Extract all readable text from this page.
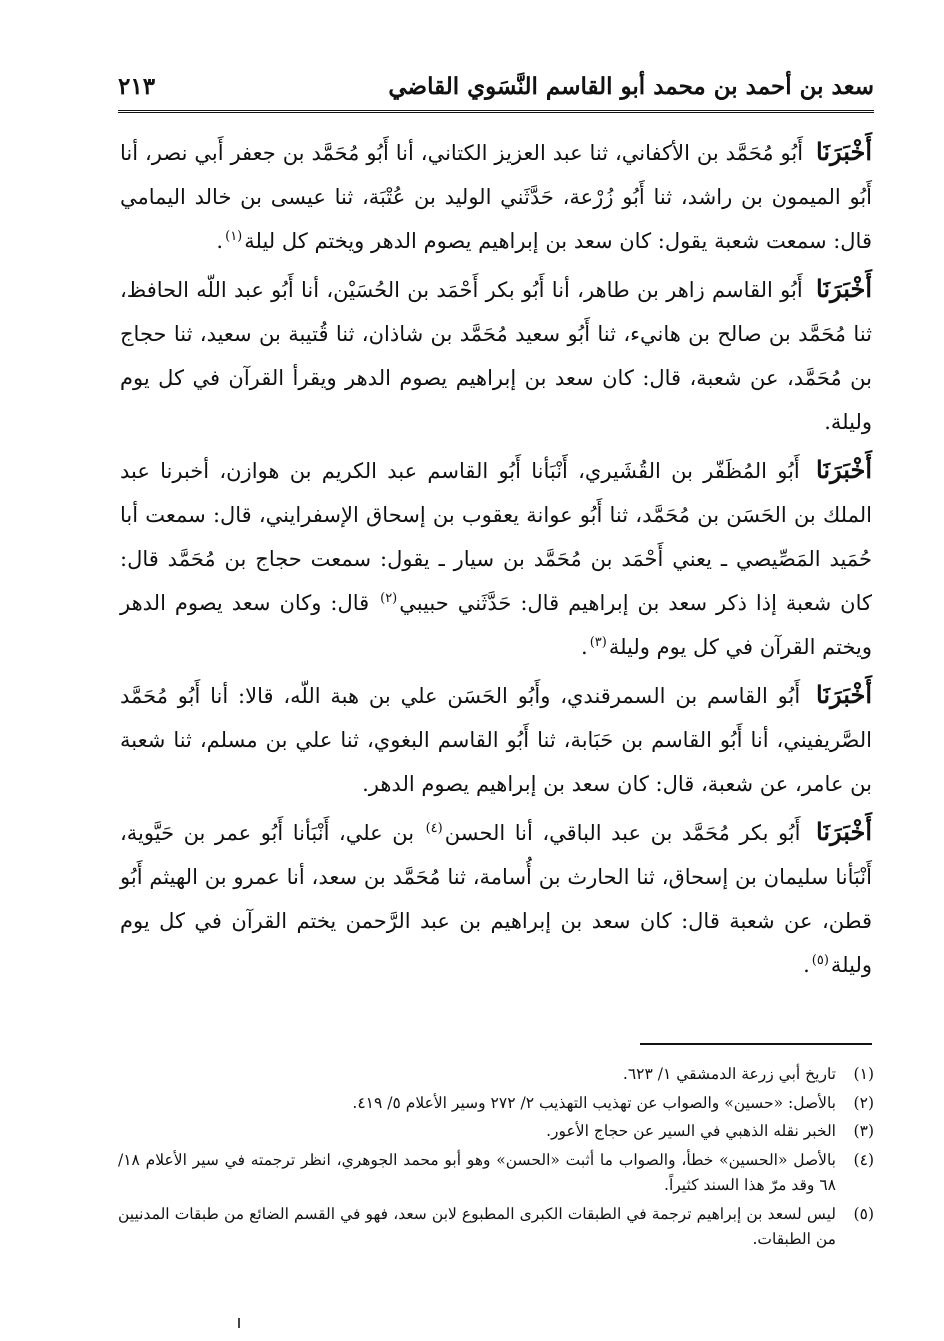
سعد بن أحمد بن محمد أبو القاسم النَّسَوي القاضي
٢١٣

أَخْبَرَنَا أَبُو مُحَمَّد بن الأكفاني، ثنا عبد العزيز الكتاني، أنا أَبُو مُحَمَّد بن جعفر أَبي نصر، أنا أَبُو الميمون بن راشد، ثنا أَبُو زُرْعة، حَدَّثَني الوليد بن عُتْبَة، ثنا عيسى بن خالد اليمامي قال: سمعت شعبة يقول: كان سعد بن إبراهيم يصوم الدهر ويختم كل ليلة$^{(١)}$.

أَخْبَرَنَا أَبُو القاسم زاهر بن طاهر، أنا أَبُو بكر أَحْمَد بن الحُسَيْن، أنا أَبُو عبد اللّه الحافظ، ثنا مُحَمَّد بن صالح بن هانيء، ثنا أَبُو سعيد مُحَمَّد بن شاذان، ثنا قُتيبة بن سعيد، ثنا حجاج بن مُحَمَّد، عن شعبة، قال: كان سعد بن إبراهيم يصوم الدهر ويقرأ القرآن في كل يوم وليلة.

أَخْبَرَنَا أَبُو المُظَفّر بن القُشَيري، أَنْبَأنا أَبُو القاسم عبد الكريم بن هوازن، أخبرنا عبد الملك بن الحَسَن بن مُحَمَّد، ثنا أَبُو عوانة يعقوب بن إسحاق الإسفرايني، قال: سمعت أبا حُمَيد المَصِّيصي ـ يعني أَحْمَد بن مُحَمَّد بن سيار ـ يقول: سمعت حجاج بن مُحَمَّد قال: كان شعبة إذا ذكر سعد بن إبراهيم قال: حَدَّثَني حبيبي$^{(٢)}$ قال: وكان سعد يصوم الدهر ويختم القرآن في كل يوم وليلة$^{(٣)}$.

أَخْبَرَنَا أَبُو القاسم بن السمرقندي، وأَبُو الحَسَن علي بن هبة اللّه، قالا: أنا أَبُو مُحَمَّد الصَّريفيني، أنا أَبُو القاسم بن حَبَابة، ثنا أَبُو القاسم البغوي، ثنا علي بن مسلم، ثنا شعبة بن عامر، عن شعبة، قال: كان سعد بن إبراهيم يصوم الدهر.

أَخْبَرَنَا أَبُو بكر مُحَمَّد بن عبد الباقي، أنا الحسن$^{(٤)}$ بن علي، أَنْبَأنا أَبُو عمر بن حَيَّوية، أَنْبَأنا سليمان بن إسحاق، ثنا الحارث بن أُسامة، ثنا مُحَمَّد بن سعد، أنا عمرو بن الهيثم أَبُو قطن، عن شعبة قال: كان سعد بن إبراهيم بن عبد الرَّحمن يختم القرآن في كل يوم وليلة$^{(٥)}$.

(١)
تاريخ أبي زرعة الدمشقي ١/ ٦٢٣.
(٢)
بالأصل: «حسين» والصواب عن تهذيب التهذيب ٢/ ٢٧٢ وسير الأعلام ٥/ ٤١٩.
(٣)
الخبر نقله الذهبي في السير عن حجاج الأعور.
(٤)
بالأصل «الحسين» خطأ، والصواب ما أثبت «الحسن» وهو أبو محمد الجوهري، انظر ترجمته في سير الأعلام ١٨/ ٦٨ وقد مرّ هذا السند كثيراً.
(٥)
ليس لسعد بن إبراهيم ترجمة في الطبقات الكبرى المطبوع لابن سعد، فهو في القسم الضائع من طبقات المدنيين من الطبقات.
